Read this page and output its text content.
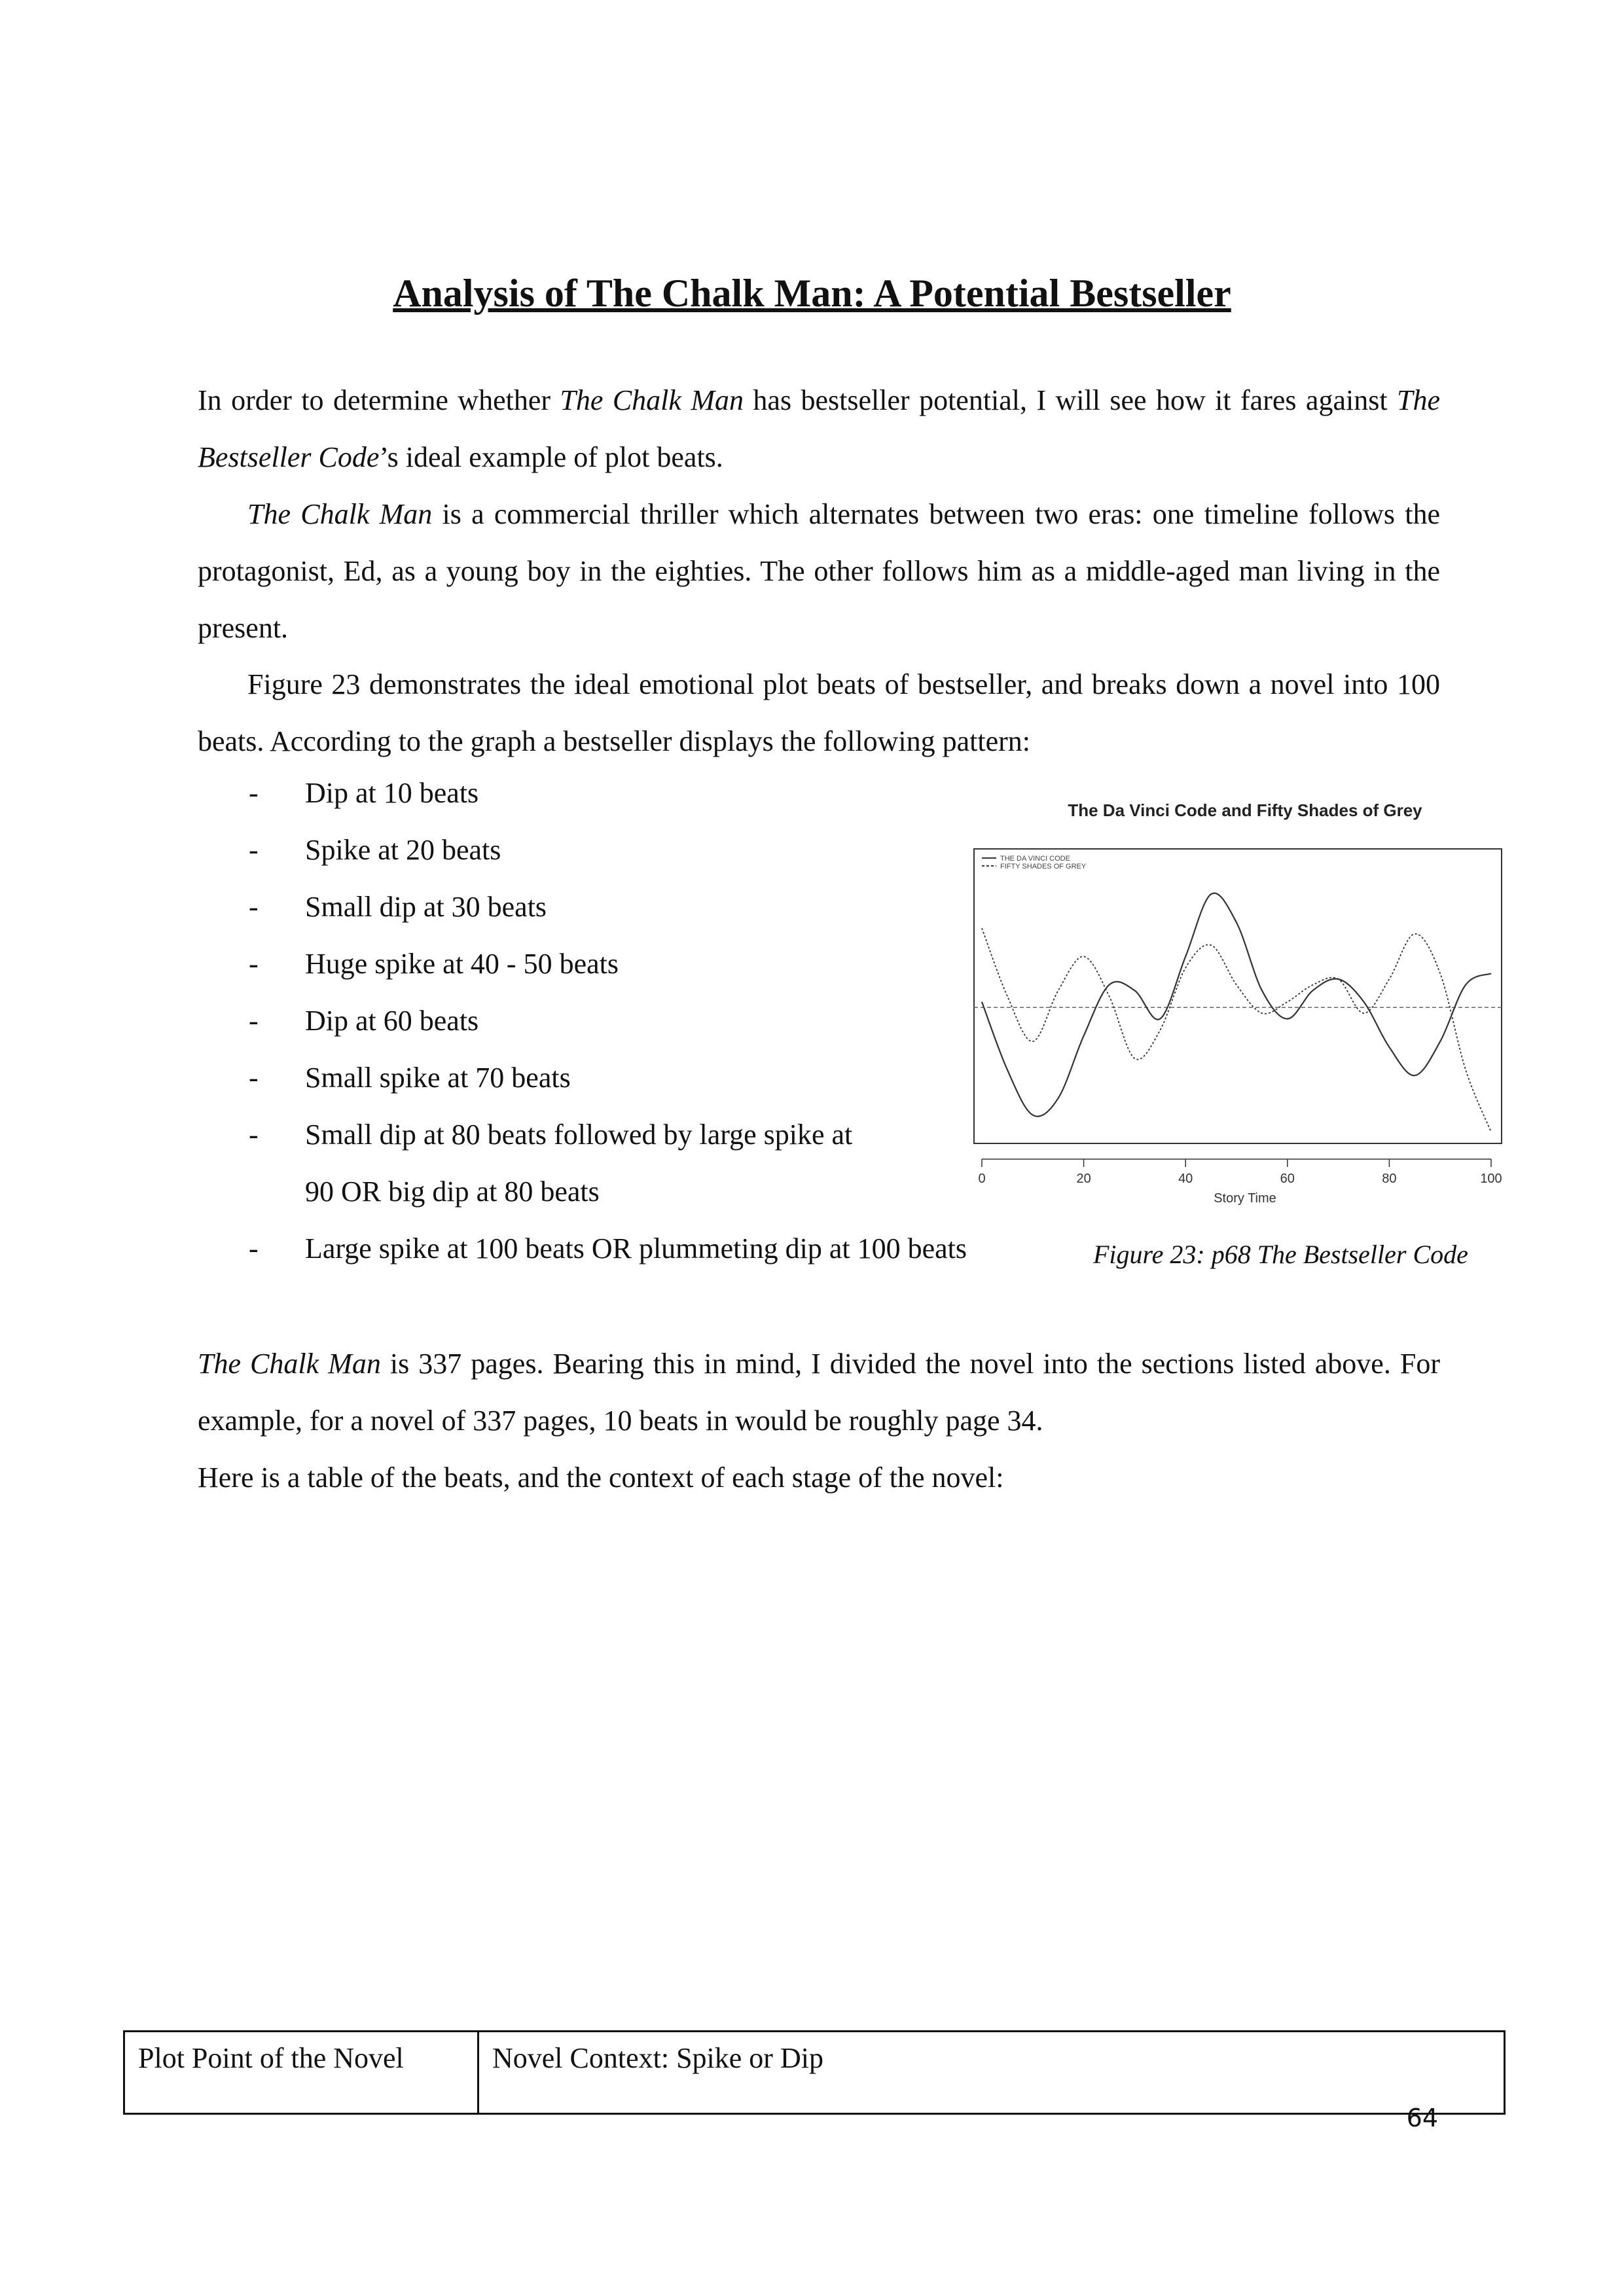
Analysis of The Chalk Man: A Potential Bestseller

In order to determine whether The Chalk Man has bestseller potential, I will see how it fares against The Bestseller Code’s ideal example of plot beats.

The Chalk Man is a commercial thriller which alternates between two eras: one timeline follows the protagonist, Ed, as a young boy in the eighties. The other follows him as a middle-aged man living in the present.

Figure 23 demonstrates the ideal emotional plot beats of bestseller, and breaks down a novel into 100 beats. According to the graph a bestseller displays the following pattern:

- Dip at 10 beats
- Spike at 20 beats
- Small dip at 30 beats
- Huge spike at 40 - 50 beats
- Dip at 60 beats
- Small spike at 70 beats
- Small dip at 80 beats followed by large spike at
90 OR big dip at 80 beats
- Large spike at 100 beats OR plummeting dip at 100 beats
The Da Vinci Code and Fifty Shades of Grey
THE DA VINCI CODE
FIFTY SHADES OF GREY
0	20	40	60	80	100
Story Time
Figure 23: p68 The Bestseller Code

The Chalk Man is 337 pages. Bearing this in mind, I divided the novel into the sections listed above. For example, for a novel of 337 pages, 10 beats in would be roughly page 34.

Here is a table of the beats, and the context of each stage of the novel:

Plot Point of the Novel	Novel Context: Spike or Dip
64
